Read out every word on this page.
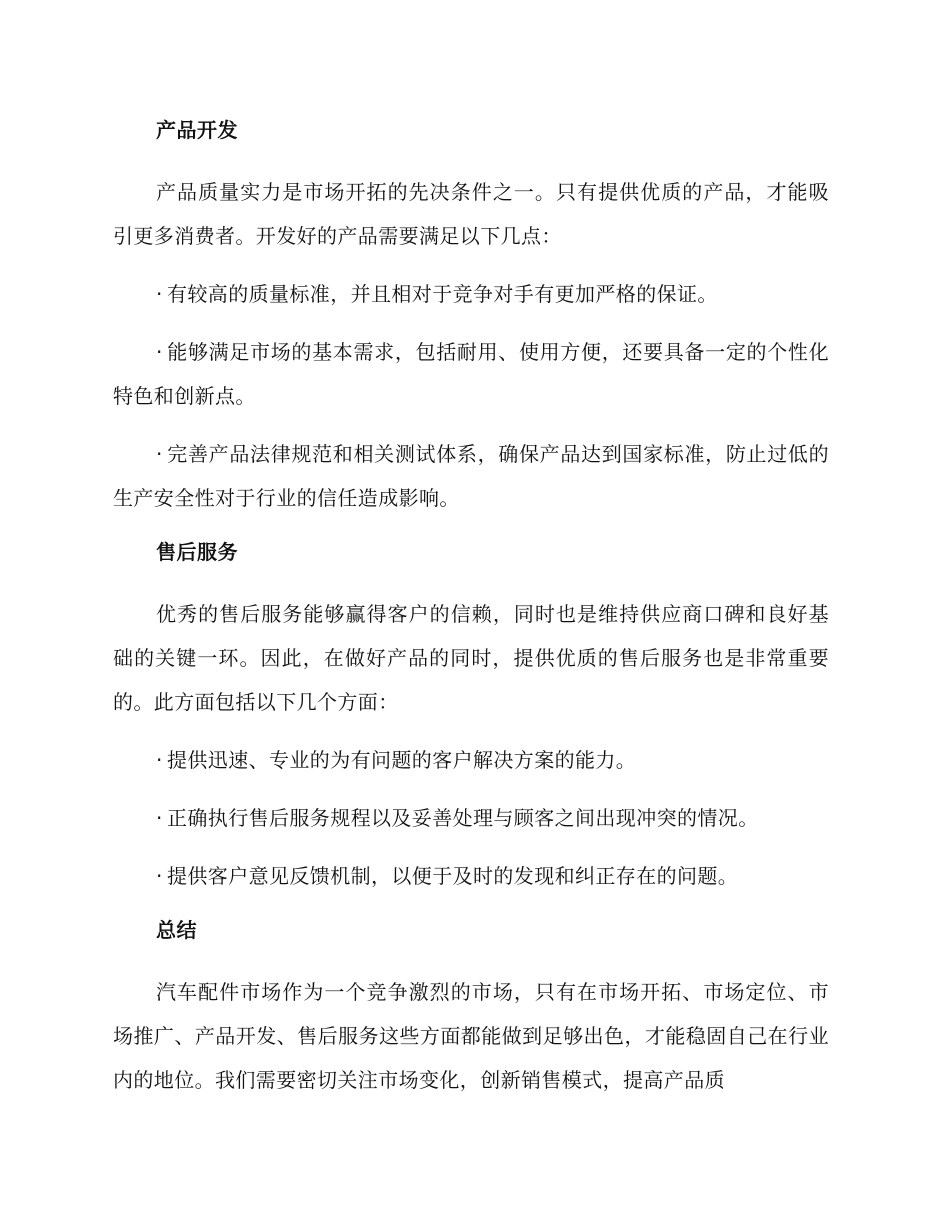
产品开发

产品质量实力是市场开拓的先决条件之一。只有提供优质的产品，才能吸引更多消费者。开发好的产品需要满足以下几点：

· 有较高的质量标准，并且相对于竞争对手有更加严格的保证。

· 能够满足市场的基本需求，包括耐用、使用方便，还要具备一定的个性化特色和创新点。

· 完善产品法律规范和相关测试体系，确保产品达到国家标准，防止过低的生产安全性对于行业的信任造成影响。

售后服务

优秀的售后服务能够赢得客户的信赖，同时也是维持供应商口碑和良好基础的关键一环。因此，在做好产品的同时，提供优质的售后服务也是非常重要的。此方面包括以下几个方面：

· 提供迅速、专业的为有问题的客户解决方案的能力。

· 正确执行售后服务规程以及妥善处理与顾客之间出现冲突的情况。

· 提供客户意见反馈机制，以便于及时的发现和纠正存在的问题。

总结

汽车配件市场作为一个竞争激烈的市场，只有在市场开拓、市场定位、市场推广、产品开发、售后服务这些方面都能做到足够出色，才能稳固自己在行业内的地位。我们需要密切关注市场变化，创新销售模式，提高产品质
